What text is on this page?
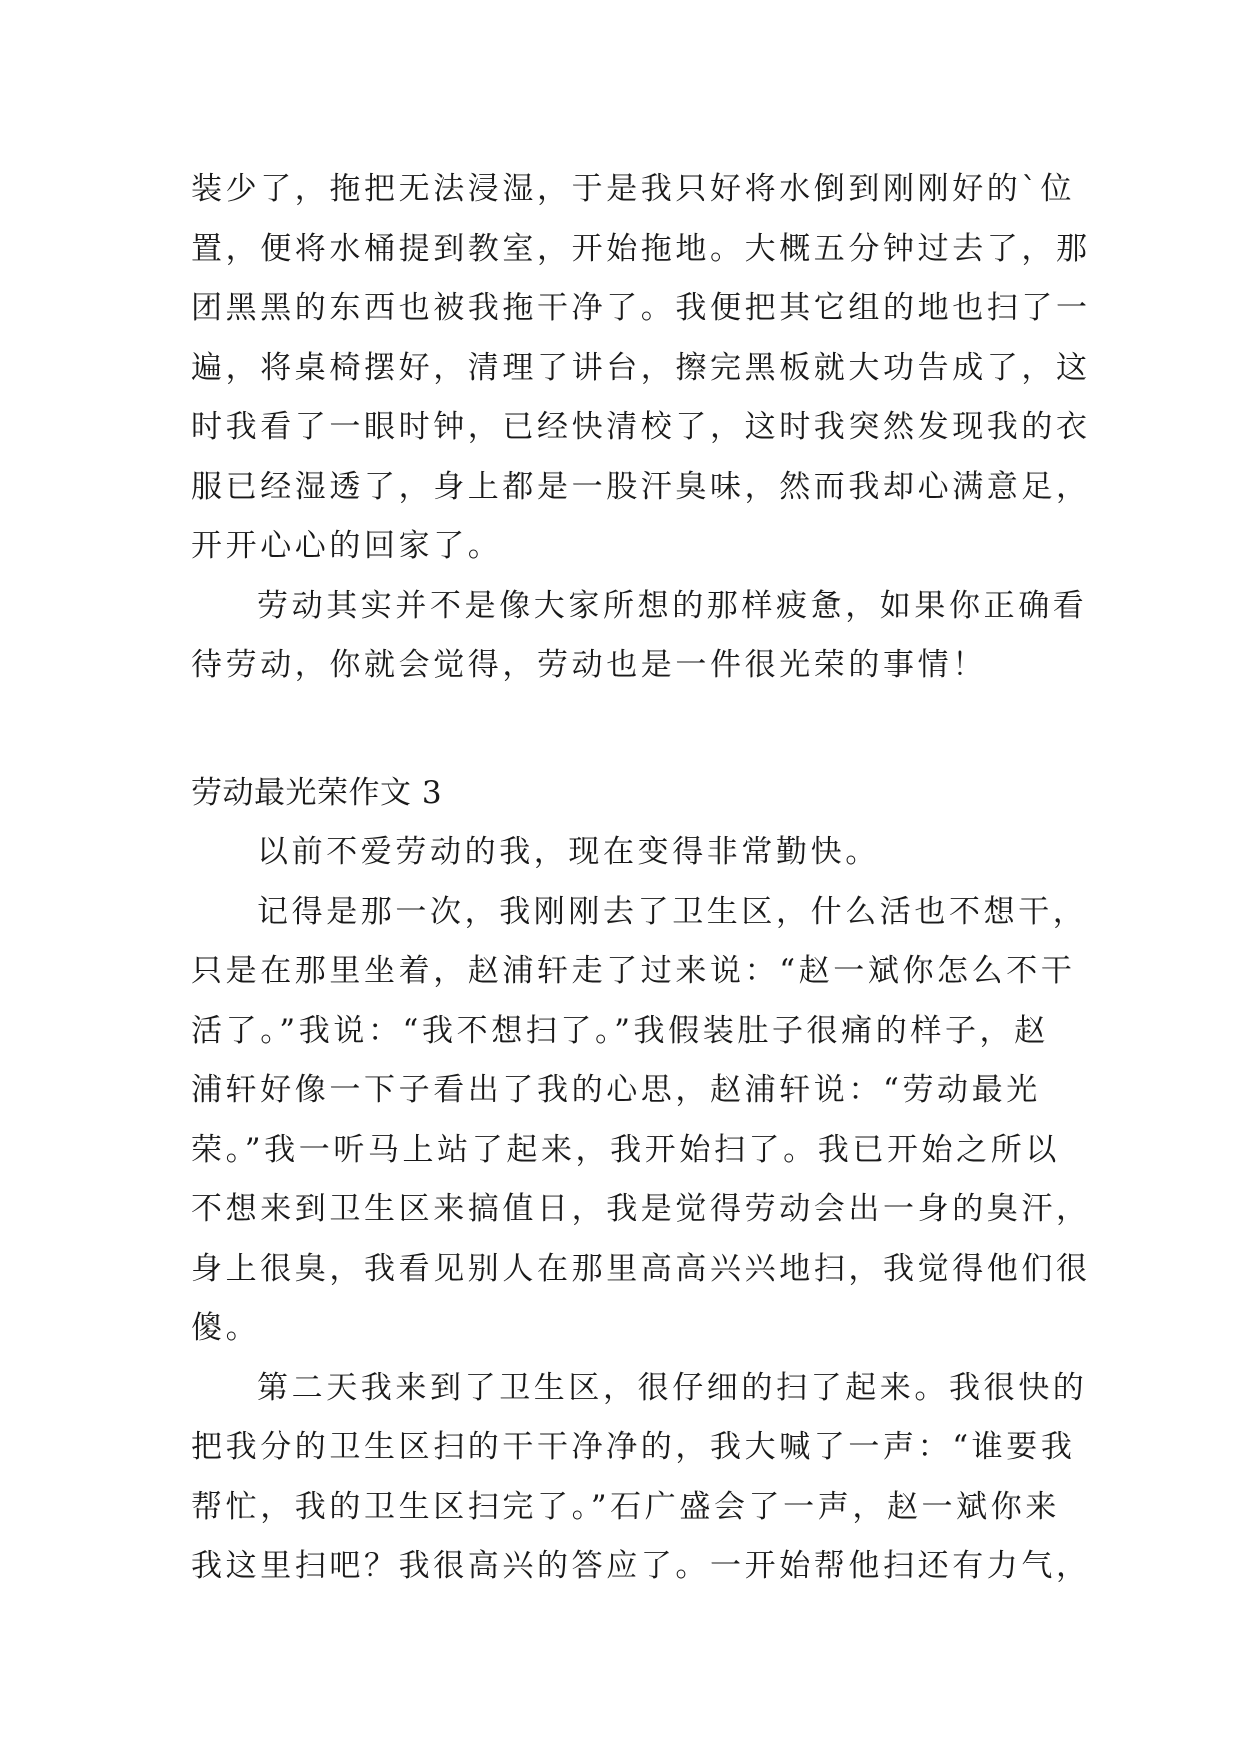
装少了，拖把无法浸湿，于是我只好将水倒到刚刚好的`位
置，便将水桶提到教室，开始拖地。大概五分钟过去了，那
团黑黑的东西也被我拖干净了。我便把其它组的地也扫了一
遍，将桌椅摆好，清理了讲台，擦完黑板就大功告成了，这
时我看了一眼时钟，已经快清校了，这时我突然发现我的衣
服已经湿透了，身上都是一股汗臭味，然而我却心满意足，
开开心心的回家了。
劳动其实并不是像大家所想的那样疲惫，如果你正确看
待劳动，你就会觉得，劳动也是一件很光荣的事情！
劳动最光荣作文 3
以前不爱劳动的我，现在变得非常勤快。
记得是那一次，我刚刚去了卫生区，什么活也不想干，
只是在那里坐着，赵浦轩走了过来说：“赵一斌你怎么不干
活了。”我说：“我不想扫了。”我假装肚子很痛的样子，赵
浦轩好像一下子看出了我的心思，赵浦轩说：“劳动最光
荣。”我一听马上站了起来，我开始扫了。我已开始之所以
不想来到卫生区来搞值日，我是觉得劳动会出一身的臭汗，
身上很臭，我看见别人在那里高高兴兴地扫，我觉得他们很
傻。
第二天我来到了卫生区，很仔细的扫了起来。我很快的
把我分的卫生区扫的干干净净的，我大喊了一声：“谁要我
帮忙，我的卫生区扫完了。”石广盛会了一声，赵一斌你来
我这里扫吧？我很高兴的答应了。一开始帮他扫还有力气，
